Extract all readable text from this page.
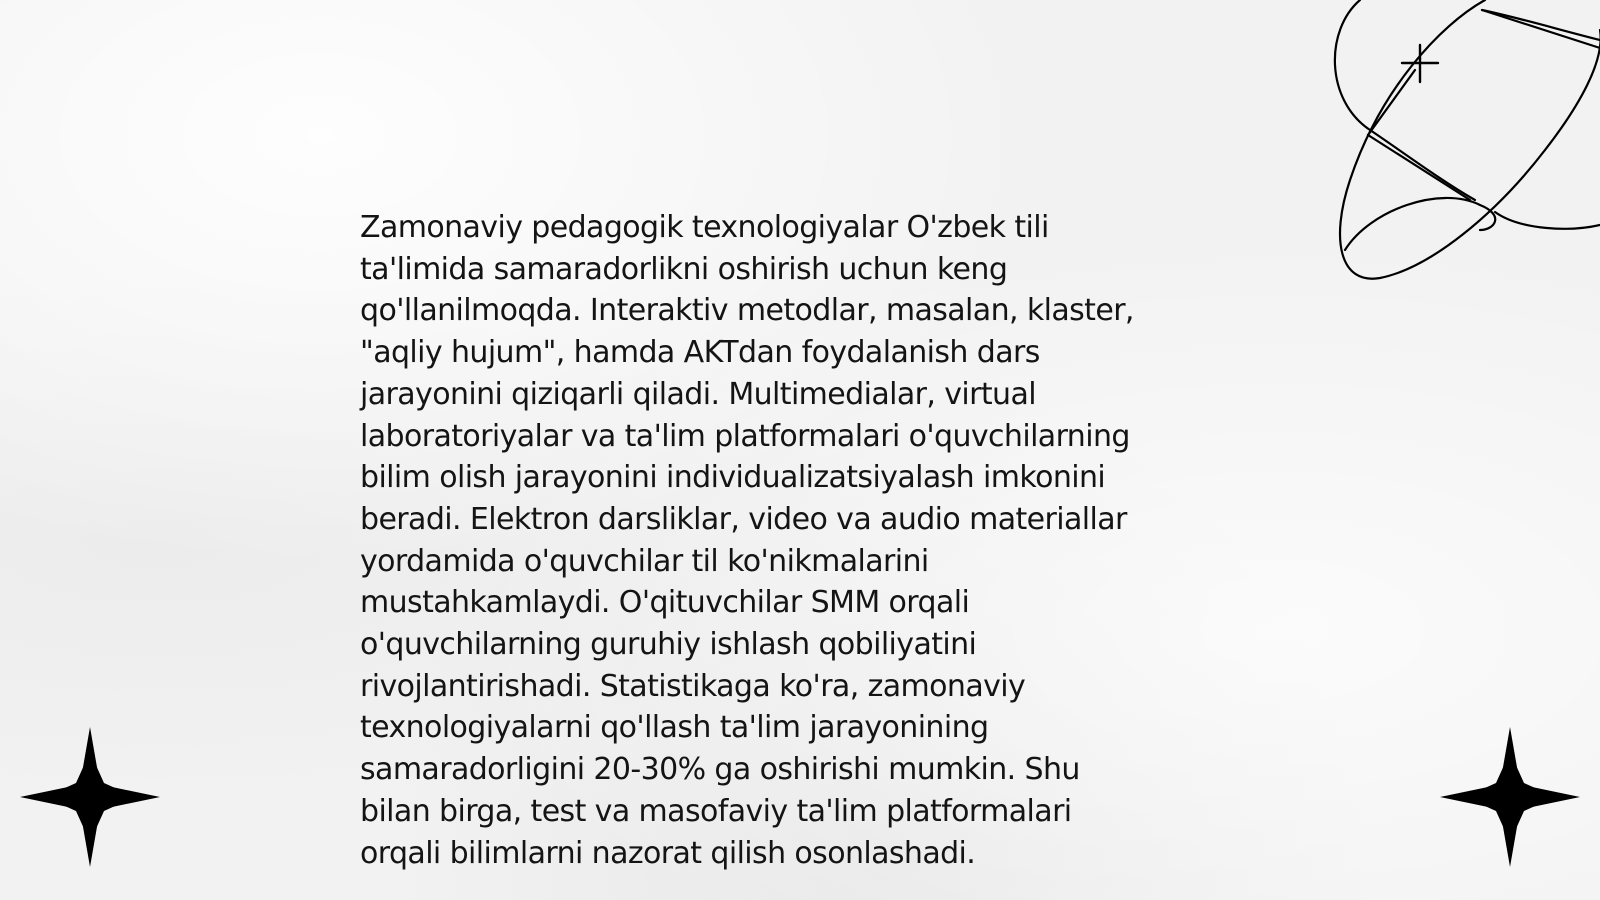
Zamonaviy pedagogik texnologiyalar O'zbek tili
ta'limida samaradorlikni oshirish uchun keng
qo'llanilmoqda. Interaktiv metodlar, masalan, klaster,
"aqliy hujum", hamda AKTdan foydalanish dars
jarayonini qiziqarli qiladi. Multimedialar, virtual
laboratoriyalar va ta'lim platformalari o'quvchilarning
bilim olish jarayonini individualizatsiyalash imkonini
beradi. Elektron darsliklar, video va audio materiallar
yordamida o'quvchilar til ko'nikmalarini
mustahkamlaydi. O'qituvchilar SMM orqali
o'quvchilarning guruhiy ishlash qobiliyatini
rivojlantirishadi. Statistikaga ko'ra, zamonaviy
texnologiyalarni qo'llash ta'lim jarayonining
samaradorligini 20-30% ga oshirishi mumkin. Shu
bilan birga, test va masofaviy ta'lim platformalari
orqali bilimlarni nazorat qilish osonlashadi.
